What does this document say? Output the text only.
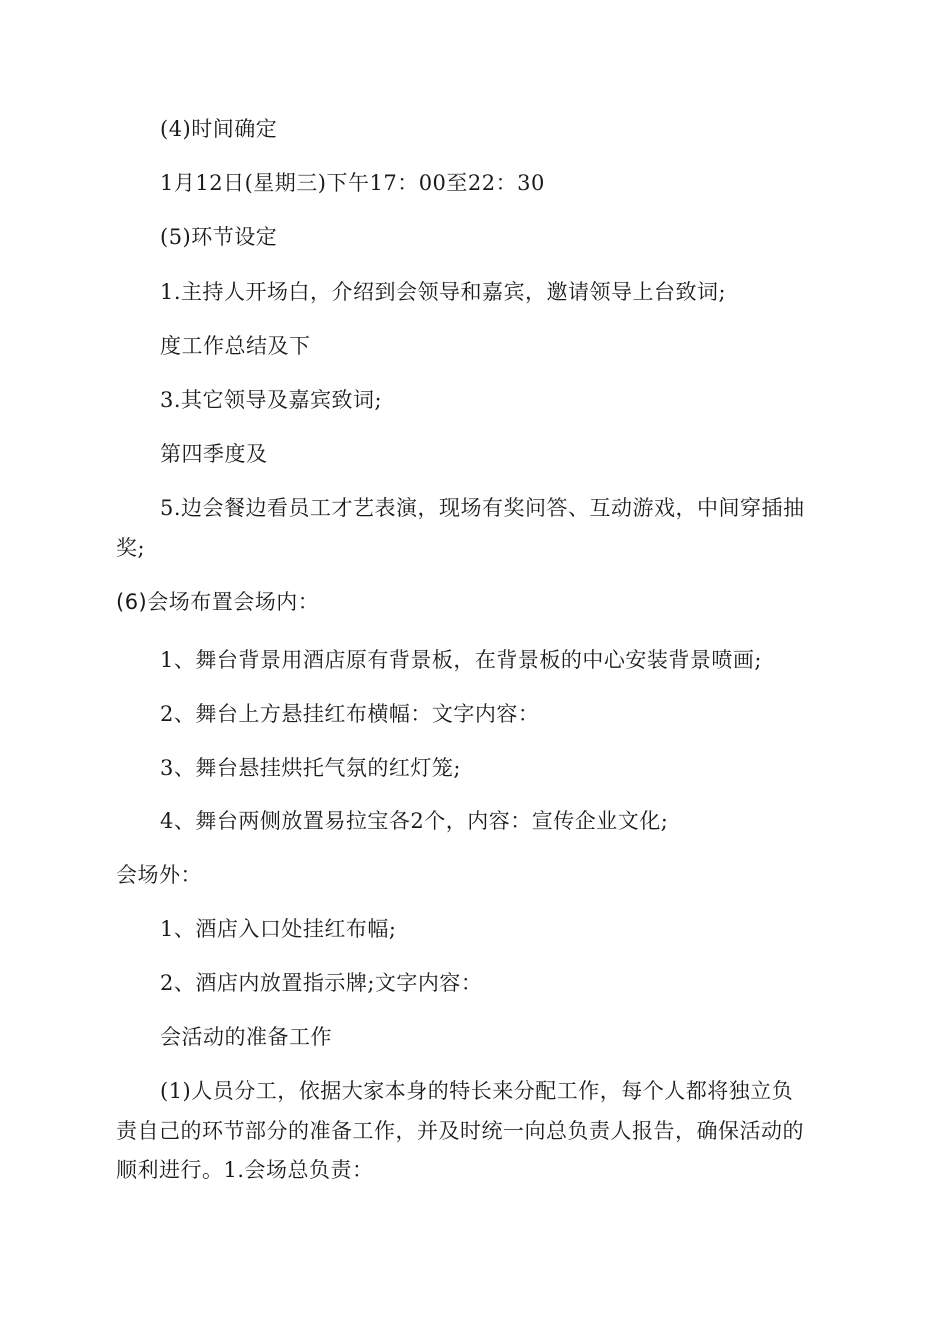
(4)时间确定
1月12日(星期三)下午17：00至22：30
(5)环节设定
1.主持人开场白，介绍到会领导和嘉宾，邀请领导上台致词;
度工作总结及下
3.其它领导及嘉宾致词;
第四季度及
5.边会餐边看员工才艺表演，现场有奖问答、互动游戏，中间穿插抽
奖;
(6)会场布置会场内：
1、舞台背景用酒店原有背景板，在背景板的中心安装背景喷画;
2、舞台上方悬挂红布横幅：文字内容：
3、舞台悬挂烘托气氛的红灯笼;
4、舞台两侧放置易拉宝各2个，内容：宣传企业文化;
会场外：
1、酒店入口处挂红布幅;
2、酒店内放置指示牌;文字内容：
会活动的准备工作
(1)人员分工，依据大家本身的特长来分配工作，每个人都将独立负
责自己的环节部分的准备工作，并及时统一向总负责人报告，确保活动的
顺利进行。1.会场总负责：
